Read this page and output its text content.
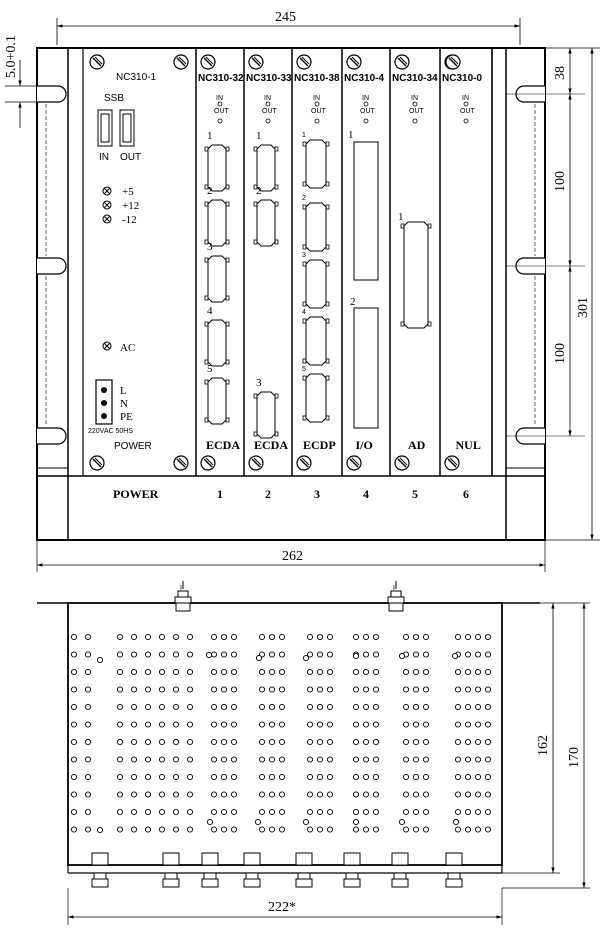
245
5.0+0.1	38
100
100
301
262
NC310-1
SSB
IN OUT
+5
+12
-12
AC
L
N
PE
220VAC 50HS
POWER
NC310-32
IN
OUT
ECDA
1
NC310-33
IN
OUT
ECDA
2
NC310-38
IN
OUT
ECDP
3
NC310-4
IN
OUT
I/O
4
NC310-34
IN
OUT
AD
5
NC310-0
IN
OUT
NUL
6
1
2
3
4
5
1
2
3
1
2
3
4
5
1
2
1
POWER
162
170
222*
I	I
